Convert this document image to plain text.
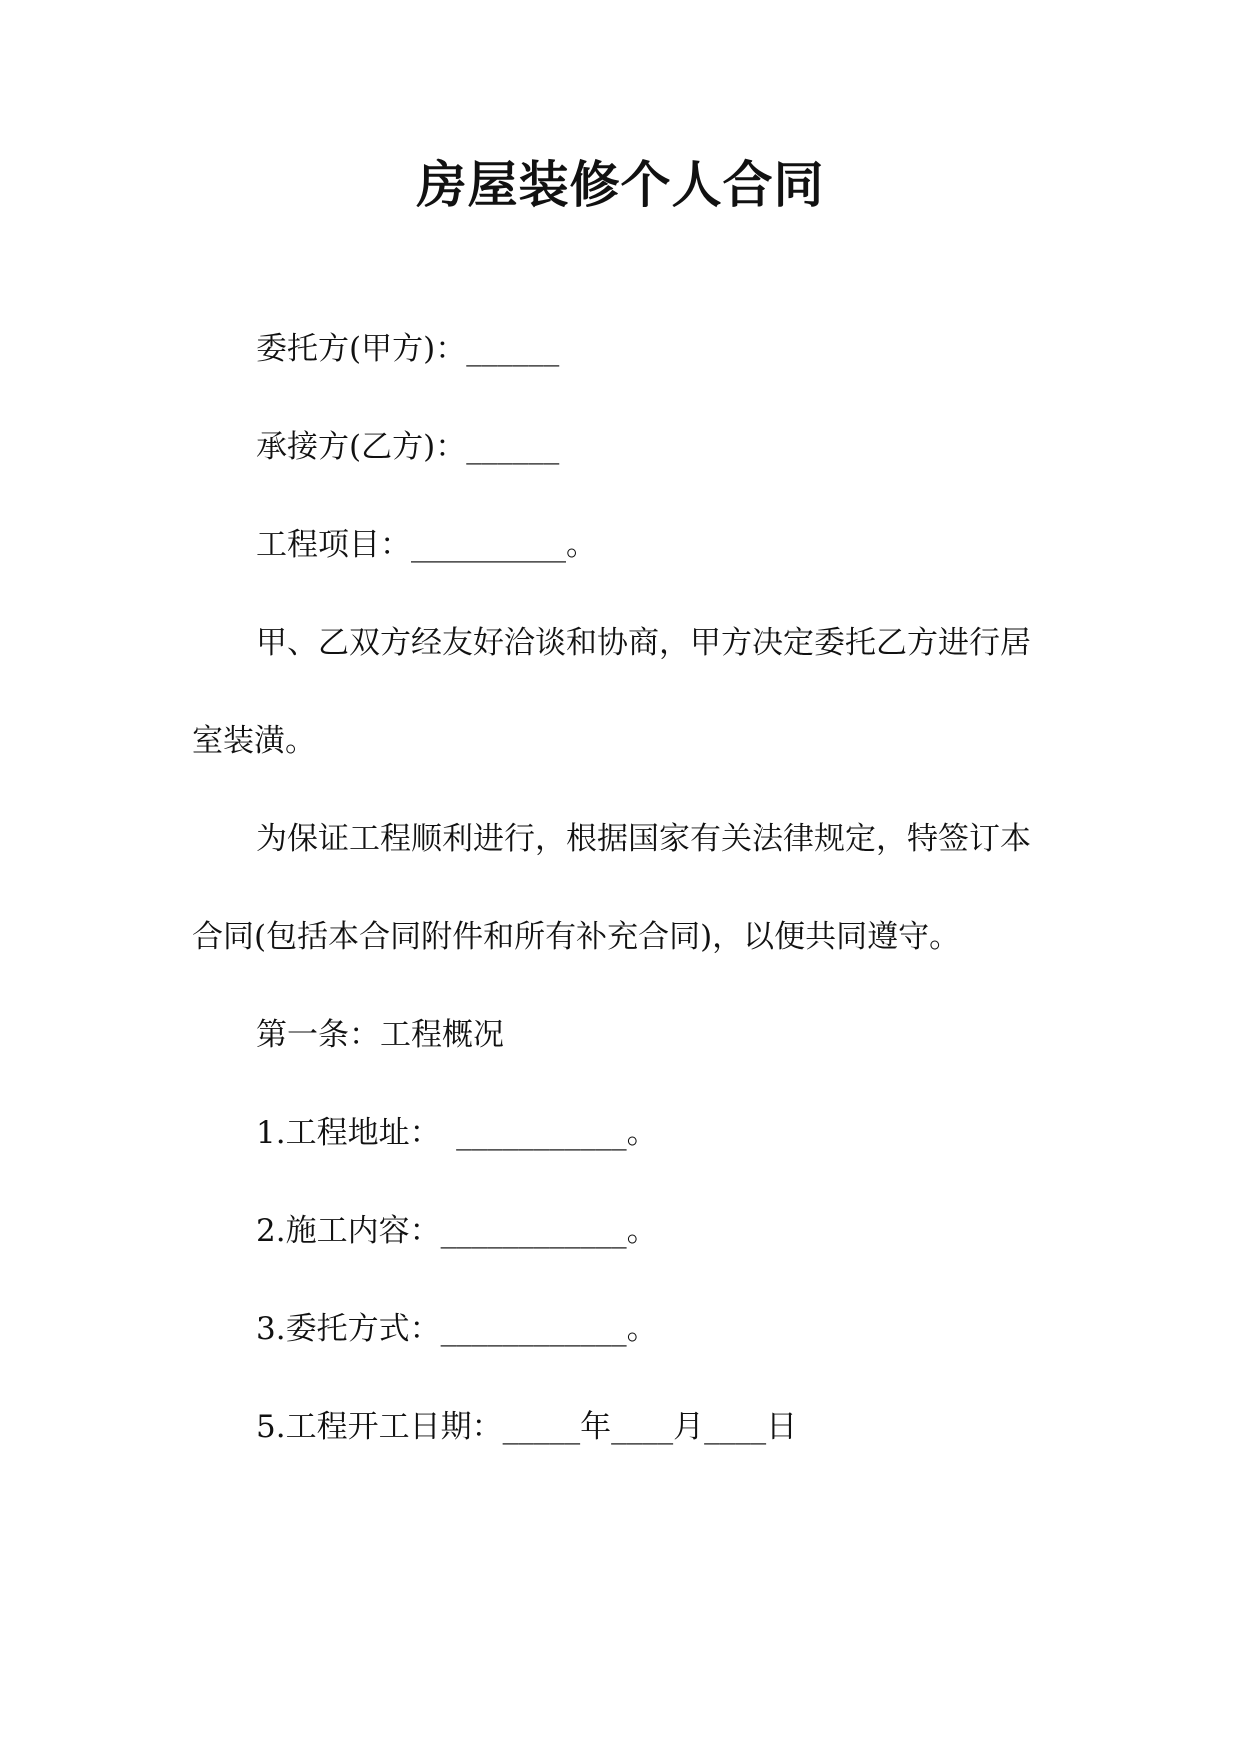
房屋装修个人合同

委托方(甲方)：______

承接方(乙方)：______

工程项目：__________。

甲、乙双方经友好洽谈和协商，甲方决定委托乙方进行居室装潢。

为保证工程顺利进行，根据国家有关法律规定，特签订本合同(包括本合同附件和所有补充合同)，以便共同遵守。

第一条：工程概况

1.工程地址：　___________。

2.施工内容：____________。

3.委托方式：____________。

5.工程开工日期：_____年____月____日
